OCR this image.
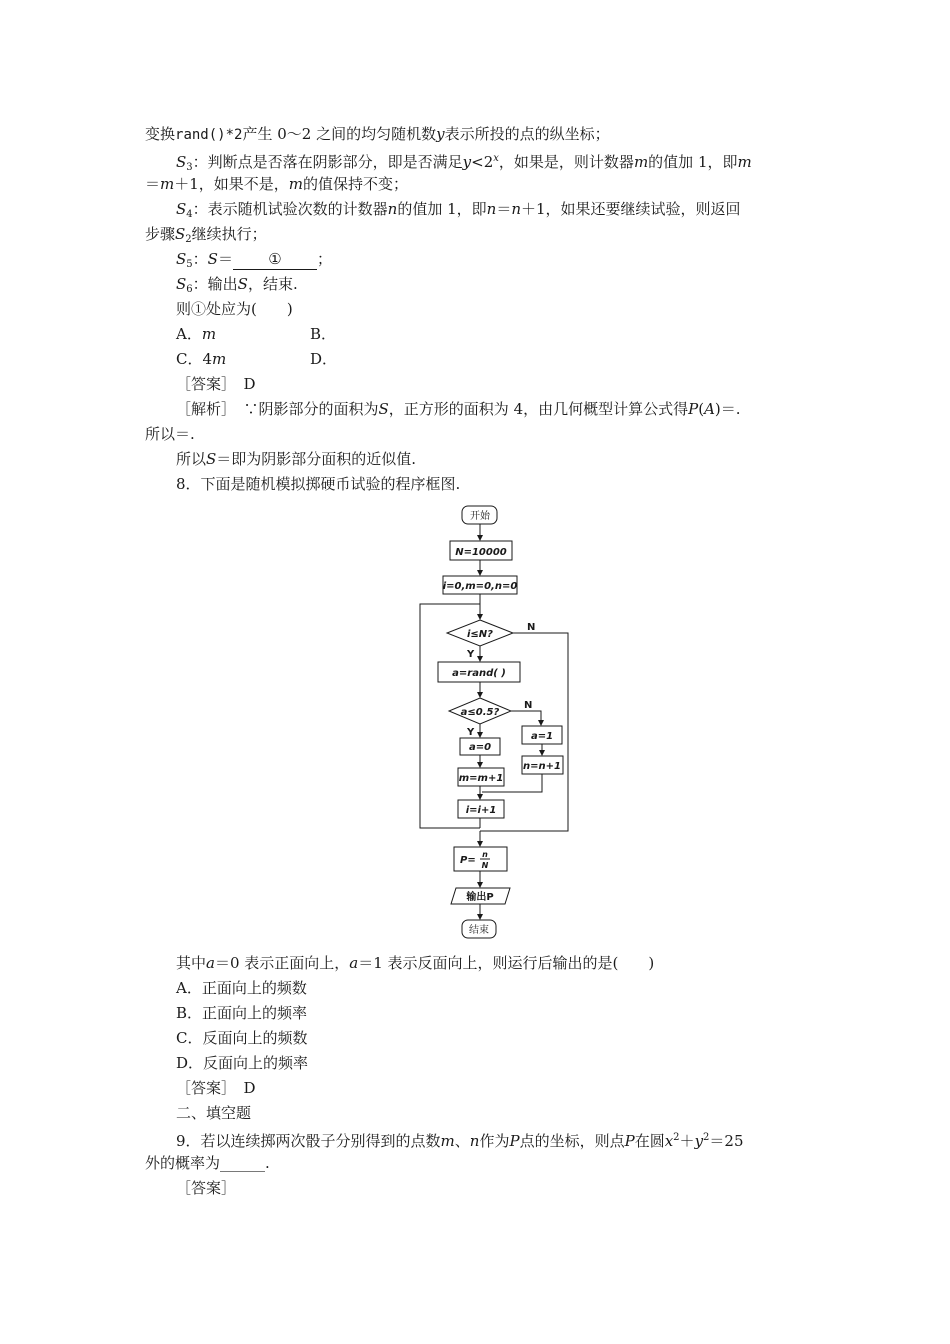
变换rand()*2产生 0～2 之间的均匀随机数y表示所投的点的纵坐标；
$S_3$：判断点是否落在阴影部分，即是否满足$y<2^x$，如果是，则计数器m的值加 1，即m
＝m＋1，如果不是，m的值保持不变；
$S_4$：表示随机试验次数的计数器n的值加 1，即n＝n＋1，如果还要继续试验，则返回
步骤$S_2$继续执行；
$S_5$：S＝ ① ；
$S_6$：输出S，结束.
则①处应为(　　)
A．m	B．
C．4m	D．
［答案］　D
［解析］　∵阴影部分的面积为S，正方形的面积为 4，由几何概型计算公式得P(A)＝.
所以＝.
所以S＝即为阴影部分面积的近似值.
8．下面是随机模拟掷硬币试验的程序框图.
开始
N=10000
i=0,m=0,n=0
i≤N?
Y
N
a=rand( )
a≤0.5?
Y
N
a=0
m=m+1
a=1
n=n+1
i=i+1
P=
n
N
输出P
结束
其中a＝0 表示正面向上，a＝1 表示反面向上，则运行后输出的是(　　)
A．正面向上的频数
B．正面向上的频率
C．反面向上的频数
D．反面向上的频率
［答案］　D
二、填空题
9．若以连续掷两次骰子分别得到的点数m、n作为P点的坐标，则点P在圆$x^2+y^2=25$
外的概率为______.
［答案］
